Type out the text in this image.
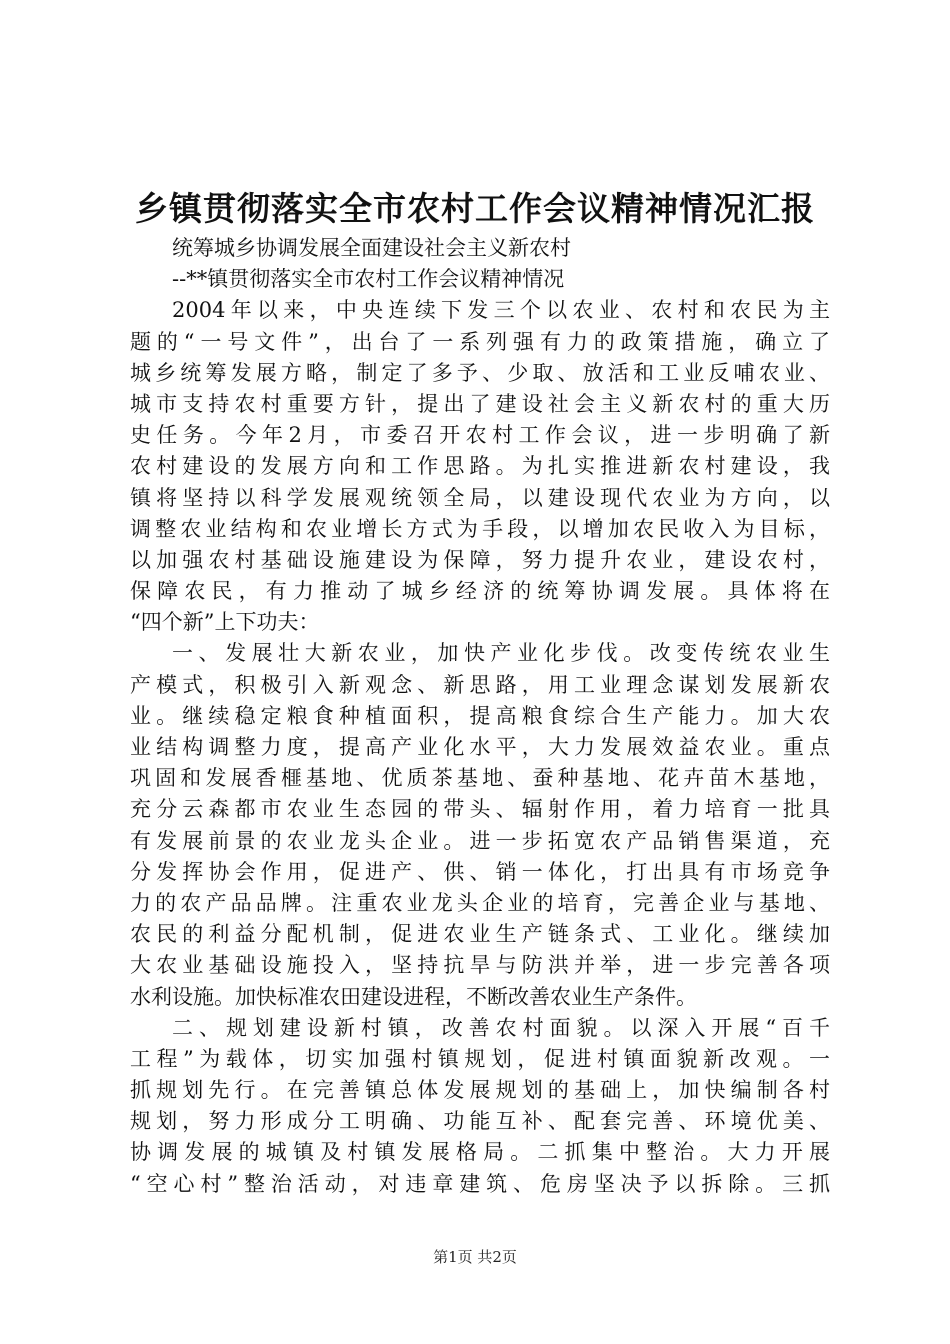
乡镇贯彻落实全市农村工作会议精神情况汇报
统筹城乡协调发展全面建设社会主义新农村
--**镇贯彻落实全市农村工作会议精神情况
2004年以来，中央连续下发三个以农业、农村和农民为主
题的“一号文件”，出台了一系列强有力的政策措施，确立了
城乡统筹发展方略，制定了多予、少取、放活和工业反哺农业、
城市支持农村重要方针，提出了建设社会主义新农村的重大历
史任务。今年2月，市委召开农村工作会议，进一步明确了新
农村建设的发展方向和工作思路。为扎实推进新农村建设，我
镇将坚持以科学发展观统领全局，以建设现代农业为方向，以
调整农业结构和农业增长方式为手段，以增加农民收入为目标，
以加强农村基础设施建设为保障，努力提升农业，建设农村，
保障农民，有力推动了城乡经济的统筹协调发展。具体将在
“四个新”上下功夫：
一、发展壮大新农业，加快产业化步伐。改变传统农业生
产模式，积极引入新观念、新思路，用工业理念谋划发展新农
业。继续稳定粮食种植面积，提高粮食综合生产能力。加大农
业结构调整力度，提高产业化水平，大力发展效益农业。重点
巩固和发展香榧基地、优质茶基地、蚕种基地、花卉苗木基地，
充分云森都市农业生态园的带头、辐射作用，着力培育一批具
有发展前景的农业龙头企业。进一步拓宽农产品销售渠道，充
分发挥协会作用，促进产、供、销一体化，打出具有市场竞争
力的农产品品牌。注重农业龙头企业的培育，完善企业与基地、
农民的利益分配机制，促进农业生产链条式、工业化。继续加
大农业基础设施投入，坚持抗旱与防洪并举，进一步完善各项
水利设施。加快标准农田建设进程，不断改善农业生产条件。
二、规划建设新村镇，改善农村面貌。以深入开展“百千
工程”为载体，切实加强村镇规划，促进村镇面貌新改观。一
抓规划先行。在完善镇总体发展规划的基础上，加快编制各村
规划，努力形成分工明确、功能互补、配套完善、环境优美、
协调发展的城镇及村镇发展格局。二抓集中整治。大力开展
“空心村”整治活动，对违章建筑、危房坚决予以拆除。三抓
第1页 共2页
